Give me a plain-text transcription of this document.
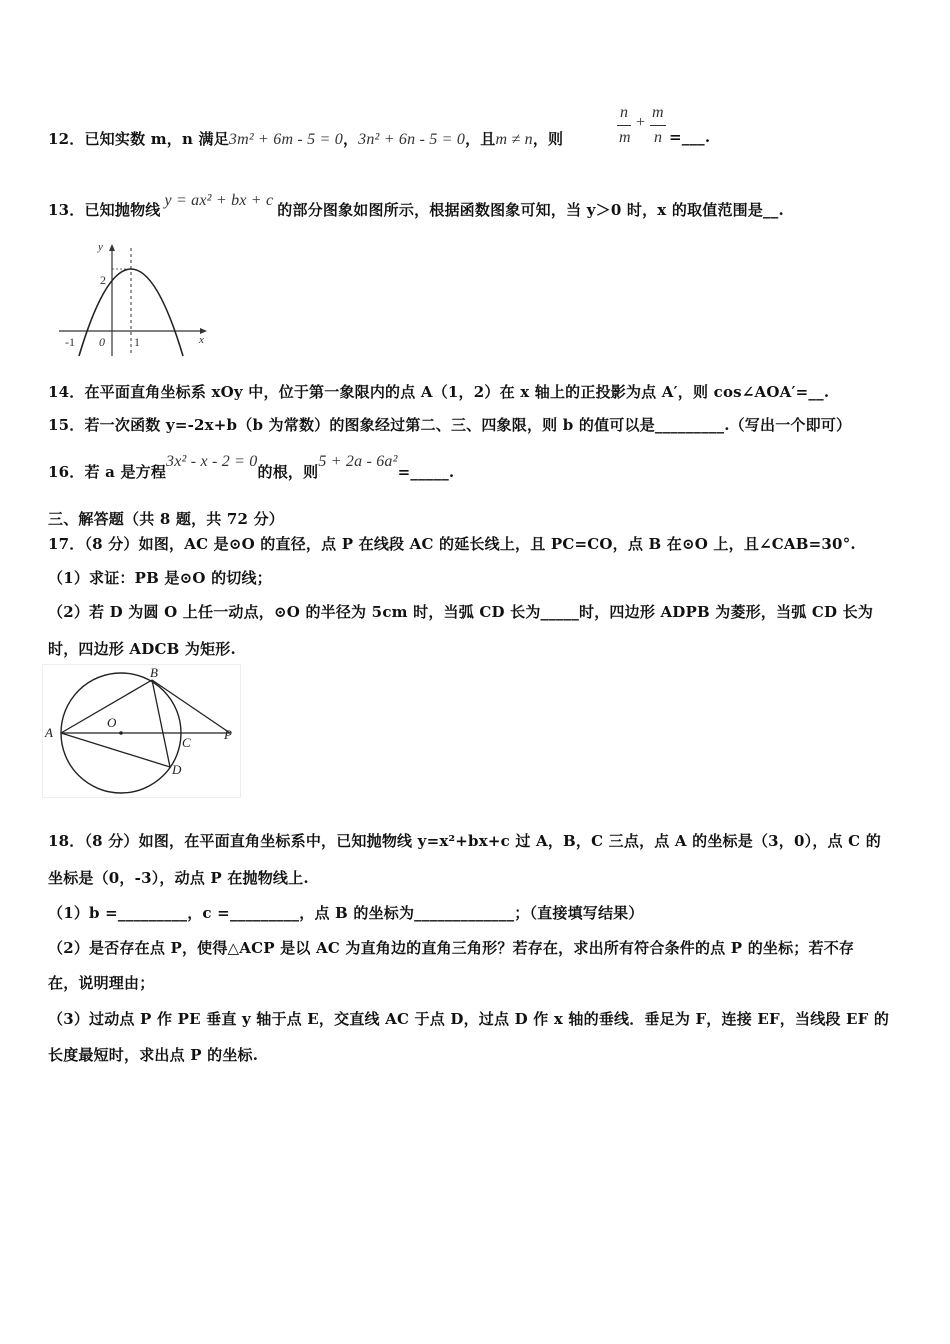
12．已知实数 m，n 满足3m² + 6m - 5 = 0，3n² + 6n - 5 = 0，且m ≠ n，则
n
m
+
m
n =___.
13．已知抛物线y = ax² + bx + c的部分图象如图所示，根据函数图象可知，当 y＞0 时，x 的取值范围是__.
y
x
2
-1 0 1
14．在平面直角坐标系 xOy 中，位于第一象限内的点 A（1，2）在 x 轴上的正投影为点 A′，则 cos∠AOA′=__.
15．若一次函数 y=-2x+b（b 为常数）的图象经过第二、三、四象限，则 b 的值可以是_________.（写出一个即可）
16．若 a 是方程3x² - x - 2 = 0的根，则5 + 2a - 6a²=_____.
三、解答题（共 8 题，共 72 分）
17．（8 分）如图，AC 是⊙O 的直径，点 P 在线段 AC 的延长线上，且 PC=CO，点 B 在⊙O 上，且∠CAB=30°.
（1）求证：PB 是⊙O 的切线；
（2）若 D 为圆 O 上任一动点，⊙O 的半径为 5cm 时，当弧 CD 长为_____时，四边形 ADPB 为菱形，当弧 CD 长为
时，四边形 ADCB 为矩形.
A
B
O
C
P
D
18．（8 分）如图，在平面直角坐标系中，已知抛物线 y=x²+bx+c 过 A，B，C 三点，点 A 的坐标是（3，0），点 C 的
坐标是（0，-3），动点 P 在抛物线上.
（1）b =_________，c =_________，点 B 的坐标为_____________；（直接填写结果）
（2）是否存在点 P，使得△ACP 是以 AC 为直角边的直角三角形？若存在，求出所有符合条件的点 P 的坐标；若不存
在，说明理由；
（3）过动点 P 作 PE 垂直 y 轴于点 E，交直线 AC 于点 D，过点 D 作 x 轴的垂线．垂足为 F，连接 EF，当线段 EF 的
长度最短时，求出点 P 的坐标.
